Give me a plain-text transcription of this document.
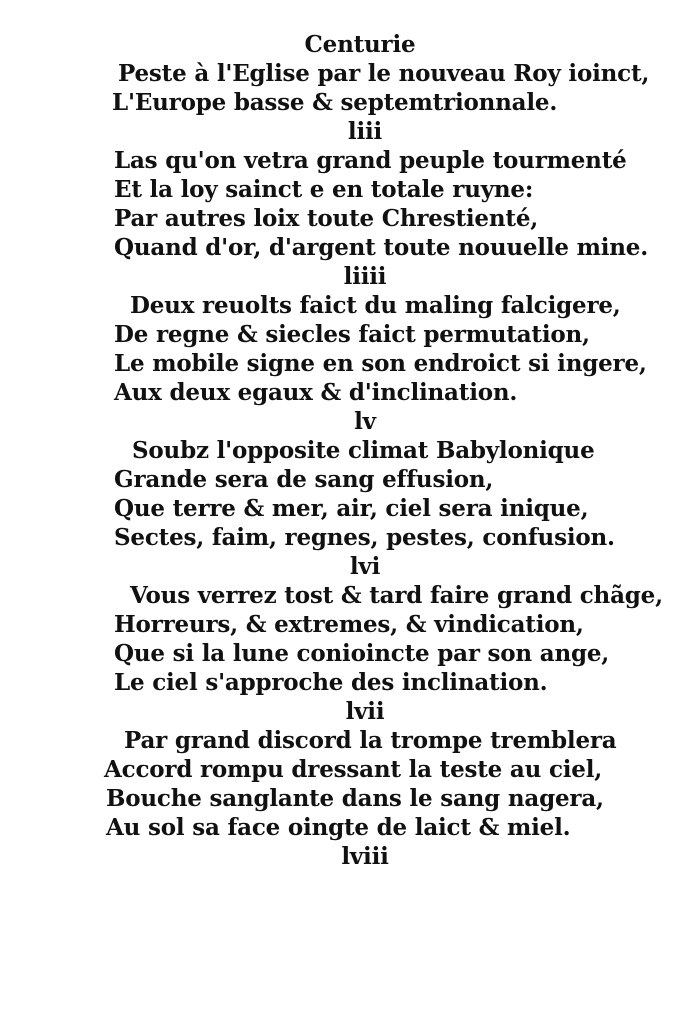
Centurie
Peste à l'Eglise par le nouveau Roy ioinct,
L'Europe basse & septemtrionnale.
liii
Las qu'on vetra grand peuple tourmenté
Et la loy sainct e en totale ruyne:
Par autres loix toute Chrestienté,
Quand d'or, d'argent toute nouuelle mine.
liiii
Deux reuolts faict du maling falcigere,
De regne & siecles faict permutation,
Le mobile signe en son endroict si ingere,
Aux deux egaux & d'inclination.
lv
Soubz l'opposite climat Babylonique
Grande sera de sang effusion,
Que terre & mer, air, ciel sera inique,
Sectes, faim, regnes, pestes, confusion.
lvi
Vous verrez tost & tard faire grand chãge,
Horreurs, & extremes, & vindication,
Que si la lune conioincte par son ange,
Le ciel s'approche des inclination.
lvii
Par grand discord la trompe tremblera
Accord rompu dressant la teste au ciel,
Bouche sanglante dans le sang nagera,
Au sol sa face oingte de laict & miel.
lviii
